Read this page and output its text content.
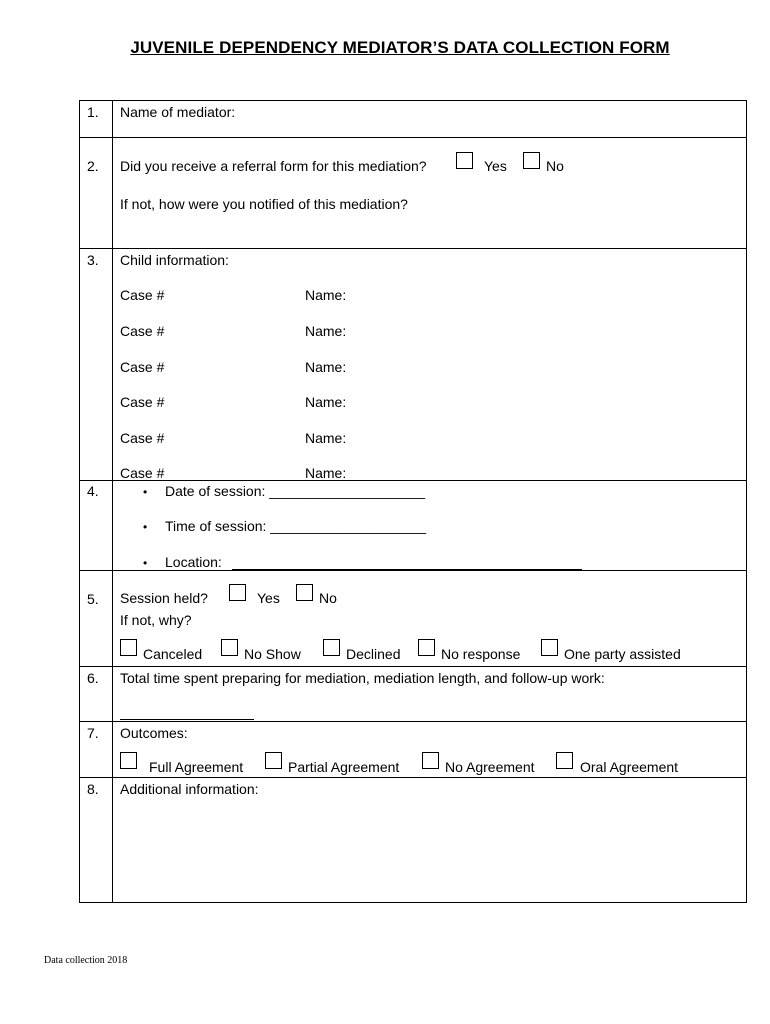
JUVENILE DEPENDENCY MEDIATOR’S DATA COLLECTION FORM
1. Name of mediator:
2. Did you receive a referral form for this mediation?	Yes	No
If not, how were you notified of this mediation?
3. Child information:
Case #	Name:
Case #	Name:
Case #	Name:
Case #	Name:
Case #	Name:
Case #	Name:
4.	• Date of session: ____________________
• Time of session: ____________________
• Location:
5. Session held?	Yes	No
If not, why?
Canceled	No Show	Declined	No response	One party assisted
6. Total time spent preparing for mediation, mediation length, and follow-up work:
7. Outcomes:
Full Agreement	Partial Agreement	No Agreement	Oral Agreement
8. Additional information:
Data collection 2018
